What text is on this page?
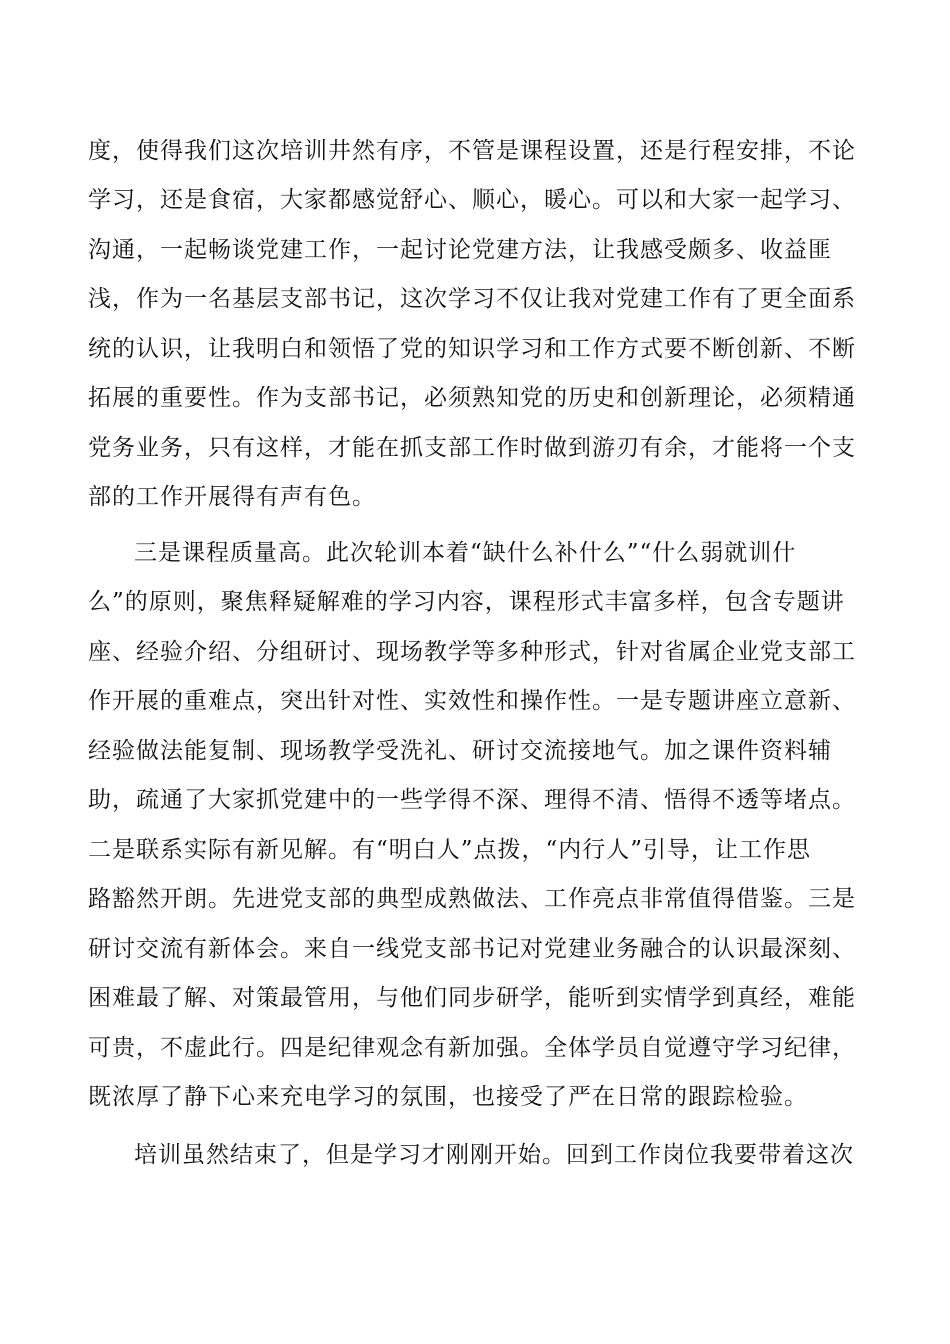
度，使得我们这次培训井然有序，不管是课程设置，还是行程安排，不论
学习，还是食宿，大家都感觉舒心、顺心，暖心。可以和大家一起学习、
沟通，一起畅谈党建工作，一起讨论党建方法，让我感受颇多、收益匪
浅，作为一名基层支部书记，这次学习不仅让我对党建工作有了更全面系
统的认识，让我明白和领悟了党的知识学习和工作方式要不断创新、不断
拓展的重要性。作为支部书记，必须熟知党的历史和创新理论，必须精通
党务业务，只有这样，才能在抓支部工作时做到游刃有余，才能将一个支
部的工作开展得有声有色。
三是课程质量高。此次轮训本着“缺什么补什么”“什么弱就训什
么”的原则，聚焦释疑解难的学习内容，课程形式丰富多样，包含专题讲
座、经验介绍、分组研讨、现场教学等多种形式，针对省属企业党支部工
作开展的重难点，突出针对性、实效性和操作性。一是专题讲座立意新、
经验做法能复制、现场教学受洗礼、研讨交流接地气。加之课件资料辅
助，疏通了大家抓党建中的一些学得不深、理得不清、悟得不透等堵点。
二是联系实际有新见解。有“明白人”点拨，“内行人”引导，让工作思
路豁然开朗。先进党支部的典型成熟做法、工作亮点非常值得借鉴。三是
研讨交流有新体会。来自一线党支部书记对党建业务融合的认识最深刻、
困难最了解、对策最管用，与他们同步研学，能听到实情学到真经，难能
可贵，不虚此行。四是纪律观念有新加强。全体学员自觉遵守学习纪律，
既浓厚了静下心来充电学习的氛围，也接受了严在日常的跟踪检验。
培训虽然结束了，但是学习才刚刚开始。回到工作岗位我要带着这次
